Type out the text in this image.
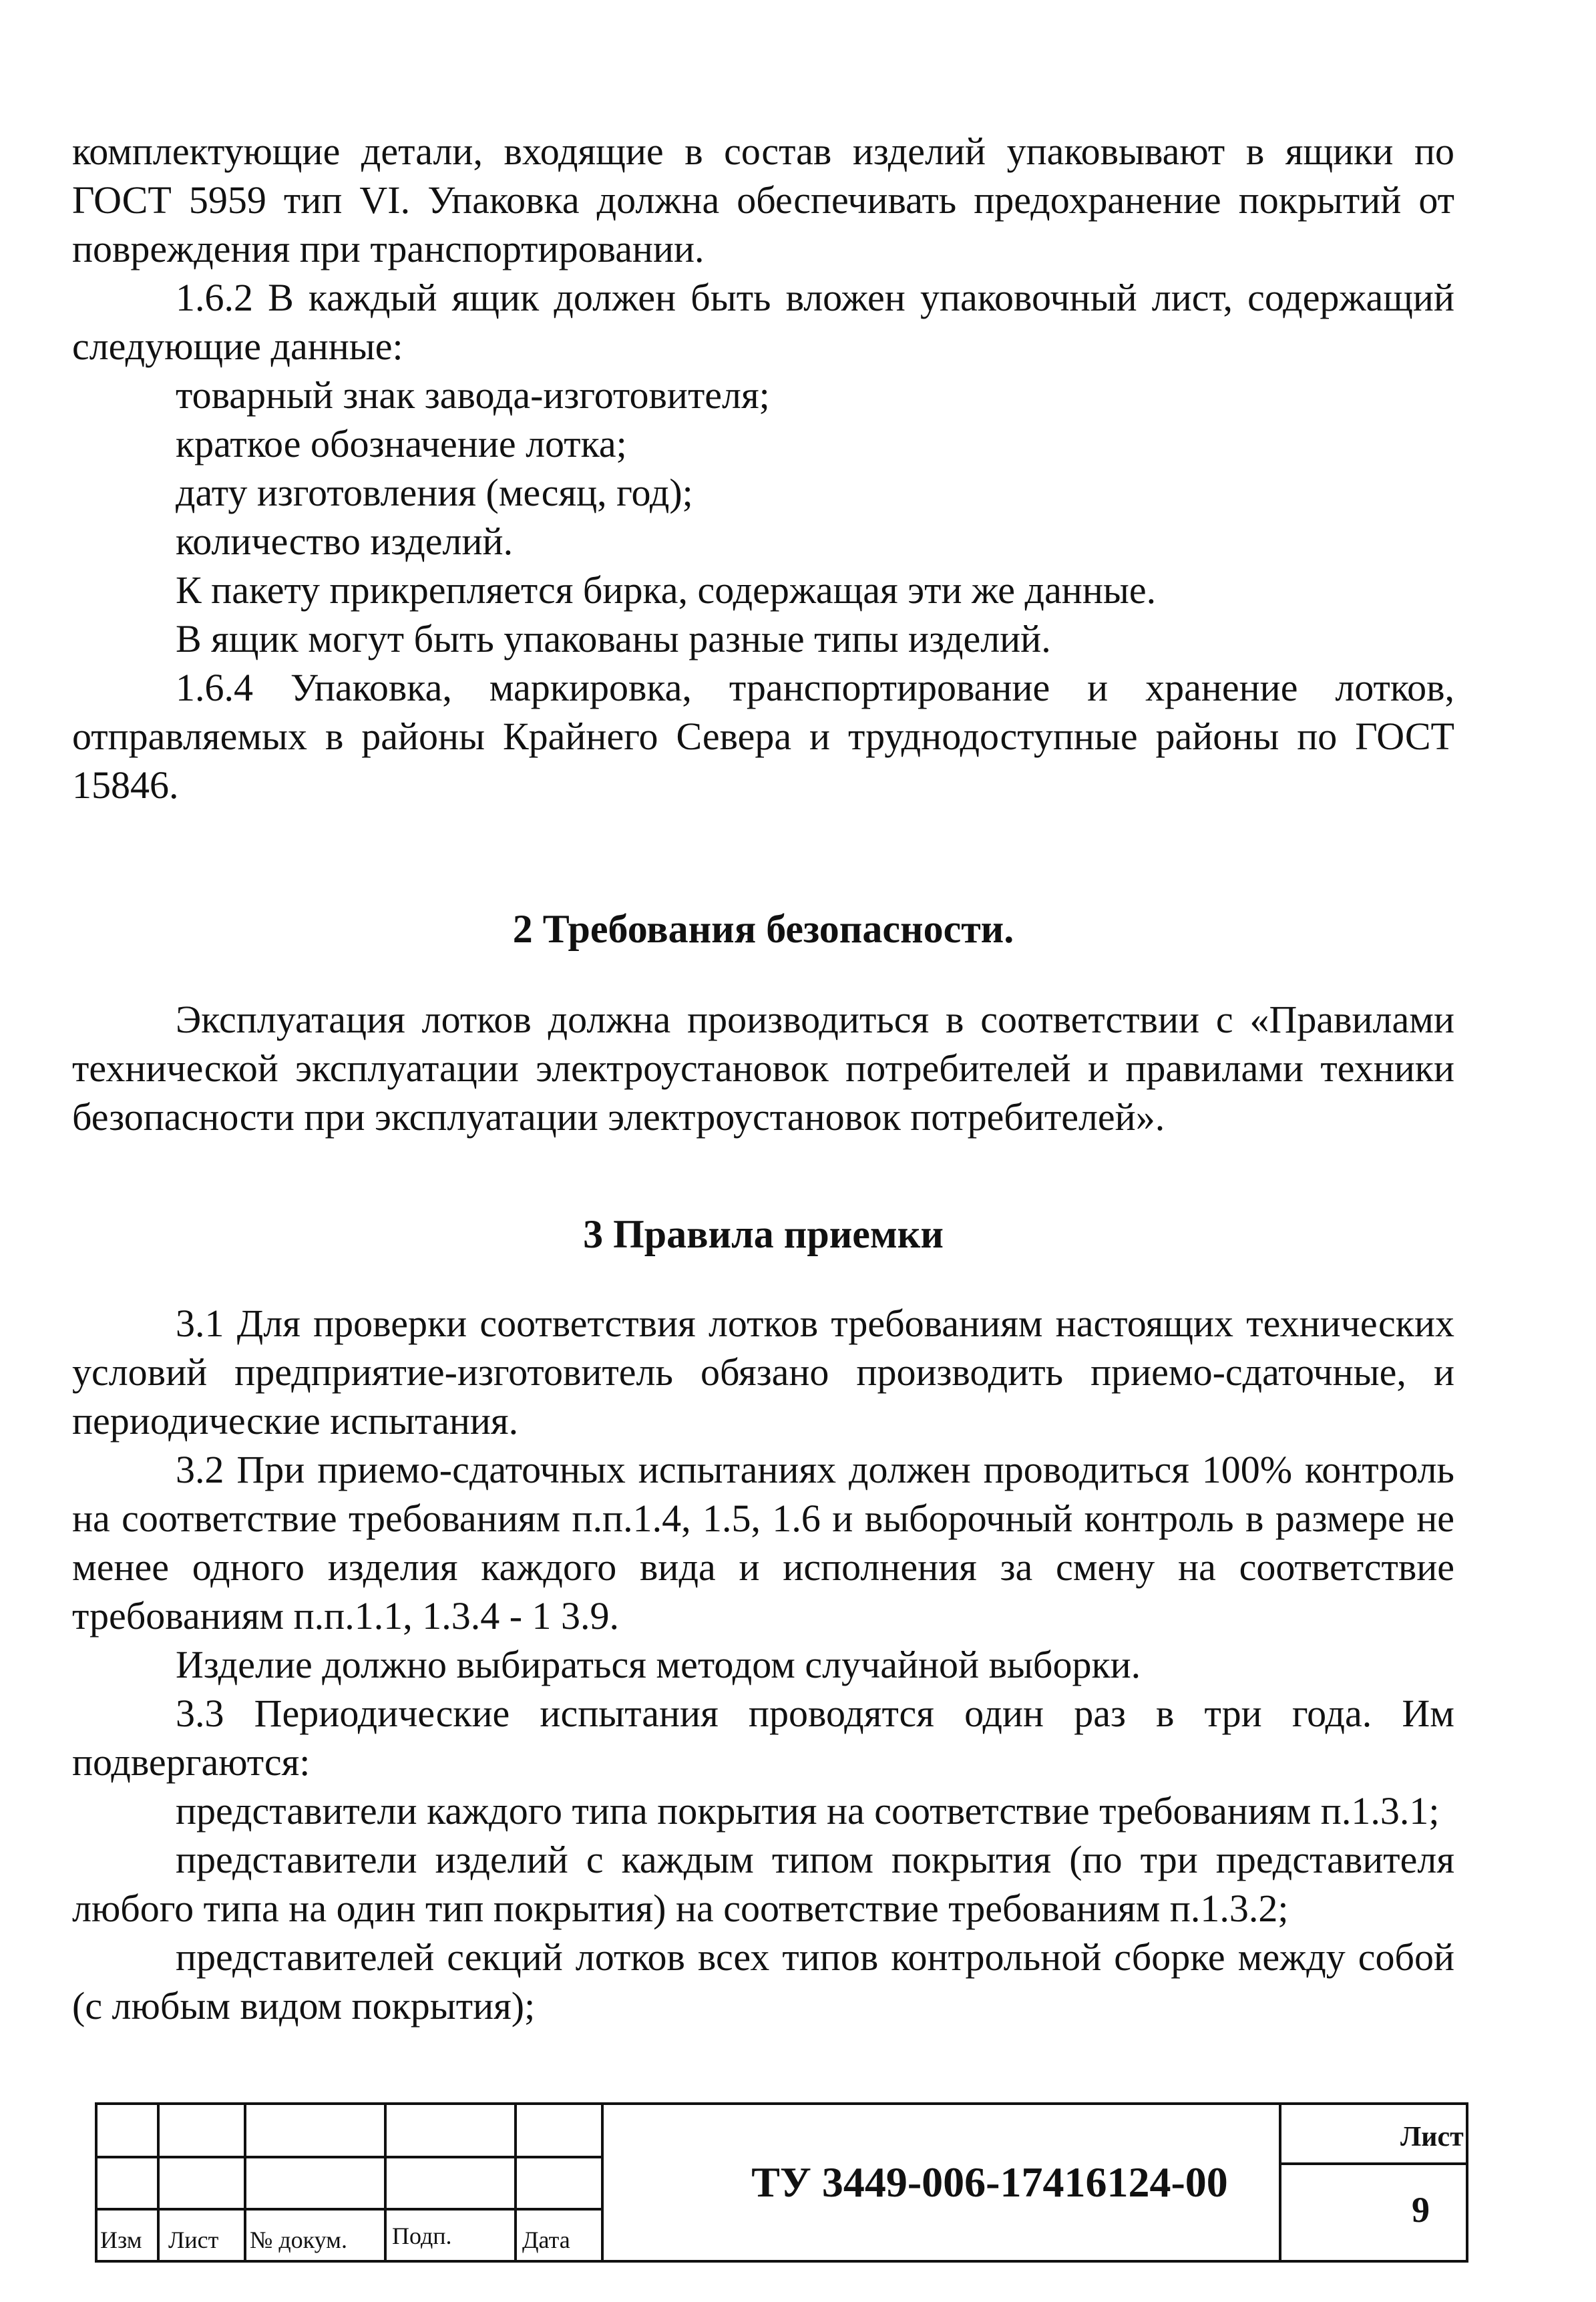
комплектующие детали, входящие в состав изделий упаковывают в ящики по ГОСТ 5959 тип VI. Упаковка должна обеспечивать предохранение покрытий от повреждения при транспортировании.

1.6.2 В каждый ящик должен быть вложен упаковочный лист, содержащий следующие данные:

товарный знак завода-изготовителя;

краткое обозначение лотка;

дату изготовления (месяц, год);

количество изделий.

К пакету прикрепляется бирка, содержащая эти же данные.

В ящик могут быть упакованы разные типы изделий.

1.6.4 Упаковка, маркировка, транспортирование и хранение лотков, отправляемых в районы Крайнего Севера и труднодоступные районы по ГОСТ 15846.

2 Требования безопасности.

Эксплуатация лотков должна производиться в соответствии с «Правилами технической эксплуатации электроустановок потребителей и правилами техники безопасности при эксплуатации электроустановок потребителей».

3 Правила приемки

3.1 Для проверки соответствия лотков требованиям настоящих технических условий предприятие-изготовитель обязано производить приемо-сдаточные, и периодические испытания.

3.2 При приемо-сдаточных испытаниях должен проводиться 100% контроль на соответствие требованиям п.п.1.4, 1.5, 1.6 и выборочный контроль в размере не менее одного изделия каждого вида и исполнения за смену на соответствие требованиям п.п.1.1, 1.3.4 - 1 3.9.

Изделие должно выбираться методом случайной выборки.

3.3 Периодические испытания проводятся один раз в три года. Им подвергаются:

представители каждого типа покрытия на соответствие требованиям п.1.3.1;

представители изделий с каждым типом покрытия (по три представителя любого типа на один тип покрытия) на соответствие требованиям п.1.3.2;

представителей секций лотков всех типов контрольной сборке между собой (с любым видом покрытия);

ТУ 3449-006-17416124-00
Изм Лист № докум. Подп.	Дата
Лист
9
